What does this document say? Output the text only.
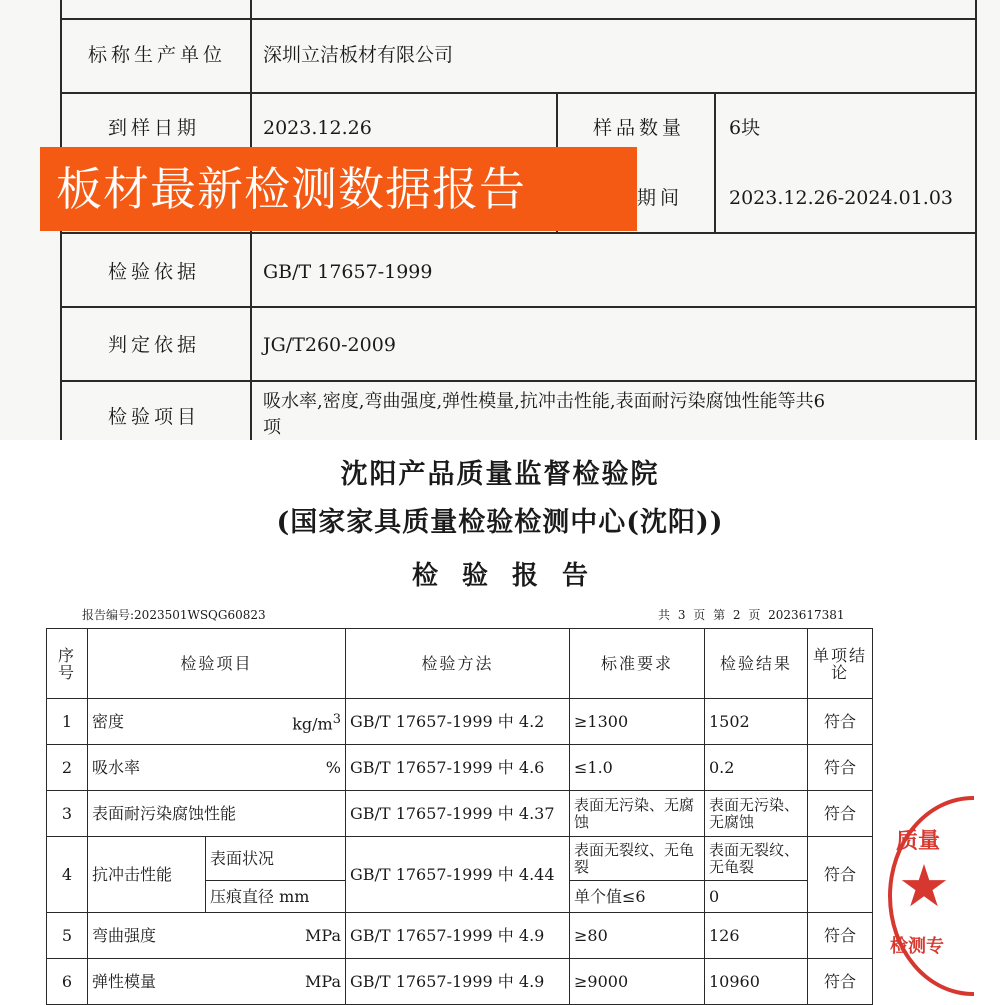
标称生产单位 深圳立洁板材有限公司
到样日期	2023.12.26	样品数量 6块
期间 2023.12.26-2024.01.03
检验依据	GB/T 17657-1999
判定依据	JG/T260-2009
检验项目
吸水率,密度,弯曲强度,弹性模量,抗冲击性能,表面耐污染腐蚀性能等共6
项
板材最新检测数据报告
沈阳产品质量监督检验院
(国家家具质量检验检测中心(沈阳))
检验报告
报告编号:2023501WSQG60823	共 3 页 第 2 页 2023617381
序号	检验项目		检验方法	标准要求	检验结果	单项结论
1	密度 $kg/m^3$		GB/T 17657-1999 中 4.2	≥1300	1502	符合
2	吸水率 %		GB/T 17657-1999 中 4.6	≤1.0	0.2	符合
3	表面耐污染腐蚀性能		GB/T 17657-1999 中 4.37	表面无污染、无腐蚀	表面无污染、无腐蚀	符合
4	抗冲击性能	表面状况	GB/T 17657-1999 中 4.44	表面无裂纹、无龟裂	表面无裂纹、无龟裂	符合
		压痕直径 mm		单个值≤6	0	
5	弯曲强度 MPa		GB/T 17657-1999 中 4.9	≥80	126	符合
6	弹性模量 MPa		GB/T 17657-1999 中 4.9	≥9000	10960	符合
质量
★
检测专
